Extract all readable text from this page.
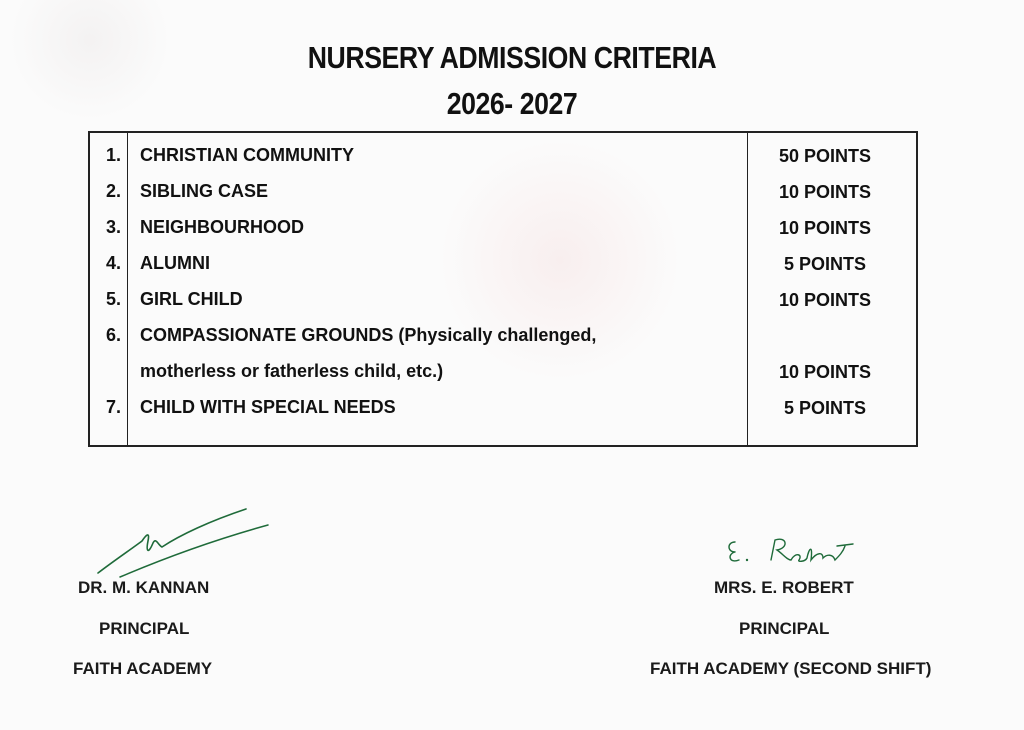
NURSERY ADMISSION CRITERIA
2026- 2027
1. CHRISTIAN COMMUNITY	50 POINTS
2. SIBLING CASE	10 POINTS
3. NEIGHBOURHOOD	10 POINTS
4. ALUMNI	5 POINTS
5. GIRL CHILD	10 POINTS
6. COMPASSIONATE GROUNDS (Physically challenged,
motherless or fatherless child, etc.)	10 POINTS
7. CHILD WITH SPECIAL NEEDS	5 POINTS
DR. M. KANNAN
PRINCIPAL
FAITH ACADEMY
MRS. E. ROBERT
PRINCIPAL
FAITH ACADEMY (SECOND SHIFT)
